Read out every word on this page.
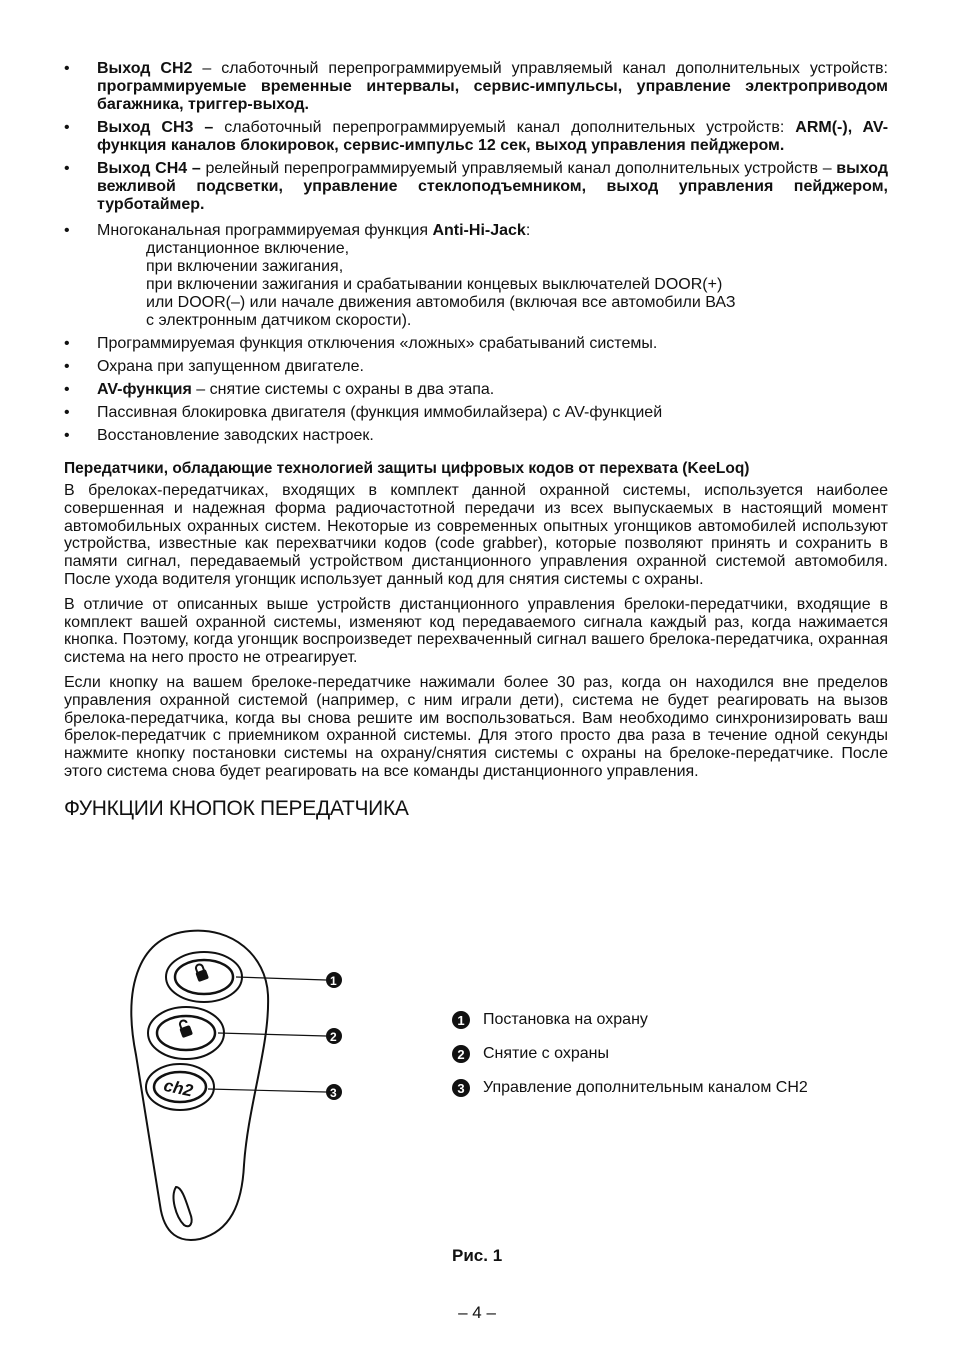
• Выход CH2 – слаботочный перепрограммируемый управляемый канал дополнительных устройств: программируемые временные интервалы, сервис-импульсы, управление электроприводом багажника, триггер-выход.
• Выход CH3 – слаботочный перепрограммируемый канал дополнительных устройств: ARM(-), AV-функция каналов блокировок, сервис-импульс 12 сек, выход управления пейджером.
• Выход CH4 – релейный перепрограммируемый управляемый канал дополнительных устройств – выход вежливой подсветки, управление стеклоподъемником, выход управления пейджером, турботаймер.
• Многоканальная программируемая функция Anti-Hi-Jack:
дистанционное включение,
при включении зажигания,
при включении зажигания и срабатывании концевых выключателей DOOR(+)
или DOOR(–) или начале движения автомобиля (включая все автомобили ВАЗ
с электронным датчиком скорости).
• Программируемая функция отключения «ложных» срабатываний системы.
• Охрана при запущенном двигателе.
• AV-функция – снятие системы с охраны в два этапа.
• Пассивная блокировка двигателя (функция иммобилайзера) с AV-функцией
• Восстановление заводских настроек.
Передатчики, обладающие технологией защиты цифровых кодов от перехвата (KeeLoq)

В брелоках-передатчиках, входящих в комплект данной охранной системы, используется наиболее совершенная и надежная форма радиочастотной передачи из всех выпускаемых в настоящий момент автомобильных охранных систем. Некоторые из современных опытных угонщиков автомобилей используют устройства, известные как перехватчики кодов (code grabber), которые позволяют принять и сохранить в памяти сигнал, передаваемый устройством дистанционного управления охранной системой автомобиля. После ухода водителя угонщик использует данный код для снятия системы с охраны.

В отличие от описанных выше устройств дистанционного управления брелоки-передатчики, входящие в комплект вашей охранной системы, изменяют код передаваемого сигнала каждый раз, когда нажимается кнопка. Поэтому, когда угонщик воспроизведет перехваченный сигнал вашего брелока-передатчика, охранная система на него просто не отреагирует.

Если кнопку на вашем брелоке-передатчике нажимали более 30 раз, когда он находился вне пределов управления охранной системой (например, с ним играли дети), система не будет реагировать на вызов брелока-передатчика, когда вы снова решите им воспользоваться. Вам необходимо синхронизировать ваш брелок-передатчик с приемником охранной системы. Для этого просто два раза в течение одной секунды нажмите кнопку постановки системы на охрану/снятия системы с охраны на брелоке-передатчике. После этого система снова будет реагировать на все команды дистанционного управления.

ФУНКЦИИ КНОПОК ПЕРЕДАТЧИКА
ch2
1
2
3
1	Постановка на охрану
2	Снятие с охраны
3	Управление дополнительным каналом CH2
Рис. 1
– 4 –
